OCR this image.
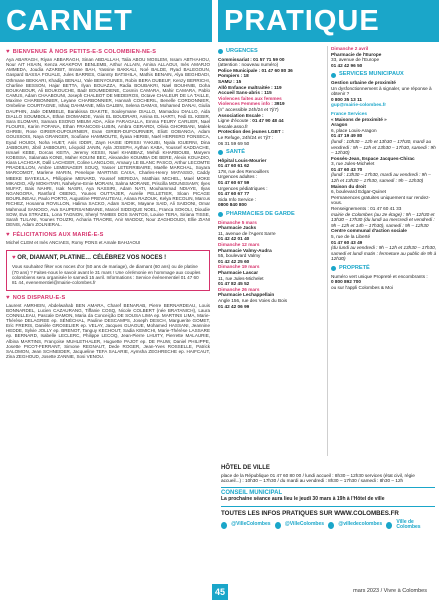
CARNET	PRATIQUE
♥ BIENVENUE À NOS PETITS-E-S COLOMBIEN-NE-S
Aya ABARAGH, Riyan ABBARAGH, Sinan ABDALLAH, Talia ABOU MOSLEM, Issam ABTHAHOU, Nour AIT HSAIN, Kenza AKAKPOVI BENLEMB, Arthur ALLAIN, Amina ALLAOUI, Inès AMARJO AMMEDA, Joudia AZARBIT, Imrane BAH, Yassine BAKKALI, Noé BALDE, Ryad BALEGOUN, Gaspard BASSA FOUALE, Jules BARRES, Giannty BATSHILA, Mathis BENAIN, Alya BEGHDADI, Othmane BEKKARI, Khadija BENALI, Yale BENYOUNES, Robin BERA DUBEUF, Kenzy BERRICHI, Charline BESSON, Hajar BETTA, Ilyan BOUAZZA, Radia BOUBAKRI, Nael BOUHNIB, Doha BOUKABOUR, Ali BOUKOUCHE, Badr BOUMEDIENE, Cosmin CAMARA, Mahir CAMARA, Pablo CAMUS, Adam CHAABOUNI, Joseph CHALBOT DE MEDEIROS, Octave CHALEUR DE LA TAILLE, Maxime CHARBONNIER, Leyane CHARBONNIER, Hannah COCHERIL, Benelle CORDONNIER, Ombeline COURTAGNE, Ishaq DAHMANE, Mila DALBIN, Selena DAMAS, Mohamed DANAI, Giulia DAUPHIN, Jade DEMBELE, Barakissa DIAKITE, Souleymane DIALLO, Mamadou DIALLO, Aida DIALLO SOUMBOLA, Ethan DIOMANDE, Yanis EL BOUDRARI, Amina EL HARTI, Fedi EL KEBIR, Sara ELOMARI, Samara ESONO MBUM ADA, Alice FARAGALLA, Emma FEURY CARLIER, Nael FLOURS, Karim FOFANA, Ethan FRANCOIS-LUBIN, Ambra GERARDI, Olivia GHORBANI, Malek GHRIBI, Rose GIRIER-DUFOURNIER, Evan GIRIER-DUFOURNIER, Eliott GOBANGA, Adam GOUSSOIS, Naya GRANGER, Soufiane HAMMOUTE, Ilyasa HERIBI, Naël HERRERO FONSECA, Eyad HOUIDI, Noha HUET, Anis IDDIR, Zayn HAISE IDRISSI YAKUBI, Nyala IGUERNI, Dina JABBOURI, Jibril JABBOURI, Léopold JANIN, Ayla JOSEPH, Aythan KABA, Youssef KADDACHE, Ismael KEBE, Dorcas KEITA, Jeremy KESSI, Nael KHABBAZ, Mehdi KHARBOUBI, Maryem KOBISSA, Salamata KONE, Maher KOUINI BEC, Alexandre KOUMBA DE BERE, Alexis KOUADIO, Kiara LACHGAR, Dalil LACHGER, Coline LANGLOIS, Amaury LE BLANC PASCO, Arthur LECOMTE PRADEILLON, Ambre LEMENAGER SOUQ, Yasser LETERRIBAIRE, Maëlle MARCHAL, Soyara MARCOMOT, Marlene MARIN, Penelope MARTINS CAIXA, Charles-Henry MATASSO, Caddy MBEKE BAYEKULA, Philippine MENARD, Youssef MERIDJA, Matthias MICHEL, Mael MOKE MIKADIO, Ally MOKHTARI, Nahelyne-Emie MORAIN, Salma MORANE, Priscilla MOUNSSAMY, Ilyes MUFAT, Bais NAHRI, Isak NASRI, Aya NASSIRI, Adam NATI, Mouhammad NDIAYE, Ilyas NGANGORA, Rantford OBENG, Younes OUTTAJER, Aurelie PELLETIER, Sloan PICAGE BOURLINEAU, Paulo PORTO, Augustine PREVAUTEAU, Ariana RAZOUK, Kelya RECOLIN, Marcus RICHEZ, Hosanna ROVILLON, Halima SACKO, Adam SADIK, Mayane SAID, Ali SAIDONI, Omar Mahmoud SANOGO, Ava SAUPERSAINBAINE, Marcel SIDDIQUE NOEL, Franca SOKOLI, Dioudie SOW, Eva STRAZEL, Lona TAGNON, Sheryl TAMBIS DOS SANTOS, Louise TERA, Siriana TISSE, Sarah TLILANI, Younes TOUZRI, Acharia TRAORE, Anir WADDIZ, Nour ZAGHDOUDI, Ellie ZIANI DENIS, Adam ZOLNIERAL.
♥ FÉLICITATIONS AUX MARIÉ-E-S
Michel CLEM et Inès ANCIAES, Romy PONS et Amale BAHJAOUI
♥ OR, DIAMANT, PLATINE… CÉLÉBREZ VOS NOCES !
Vous souhaitez fêter vos noces d'or (50 ans de mariage), de diamant (60 ans) ou de platine (70 ans) ? Faites-nous le savoir avant le 31 mars ! Une cérémonie en hommage aux couples colombiens sera organisée le samedi 15 avril. Informations : Service événementiel 01 47 60 81 44, evenementiel@mairie-colombes.fr
♥ NOS DISPARU-E-S
Laurent AMRHEIN, Abdelwahab BEN AMARA, Charef BENARAB, Pierre BERNARDEAU, Louis BONNARDEL, Lucien CAZAURANG, Tiffanie COSQ, Nicole COLBERT (née BRATANICH), Laura CONNILLEAU, Pascale DAMON, Maria da Conceição DE SOUSA LIMA ep. MARTINS LIMA, Marie-Thérèse DELAGREE ep. SÉNÉCHAL, Pauline DESCAMPS, Joseph DESCH, Marguerite GOMET, Eric FRERIS, Danièle GROSELIER ep. VELAY, Jacques GUAGUE, Mohamed HASSANI, Jeannine HEDDE, Sylvie JOLLY ep. BRENOT, Tanguy KECHOUT, Sadia KEMICHI, Marie-Thérèse LASSARE ep. BERNARD, Isabelle LECLERC, Philippe LECOQ, Jean-Pierre LHUITY, Pierrette MALAURIE, Albina MARTINS, Françoise MUHLETHALER, Huguette PAJOT ep. DE PAUW, Daniel PHILIPPE, Josette PICOT-FERRANT, Simone REGNAUT, Dede ROGER, Jean-Yves ROSSELLE, Patrick SALOMON, Jean SCHNEIDER, Jacqueline TEFA SALARIE, Aymsha ZEGHRECHE ep. HAIFCAUT, Zina ZEGHOUD, Josette ZANNIE, Sosi VENOU.
URGENCES
Commissariat : 01 57 71 59 00
(attention : nouveau numéro)
Police Municipale : 01 47 60 80 36
Pompiers : 18
SAMU : 15
Allô Enfance maltraitée : 119
Accueil Sans-abris : 115
Violences faites aux femmes
Violences Femmes info : 3919
(n° accessible 24h/24 et 7j/7)
Association Escale :
Ligne d'écoute : 01 47 90 48 44
lescale.asso.fr
Protection des jeunes LGBT :
Le Refuge, 24h/24 et 7j/7 :
06 31 59 69 50
SANTÉ
Hôpital Louis-Mourier
01 47 60 61 62
178, rue des Renouillers
Urgences adultes :
01 47 60 67 59
Urgences pédiatriques :
01 47 60 67 77
Sida Info Service :
0800 840 800
PHARMACIES DE GARDE
Dimanche 5 mars
Pharmacie Jacks
11, avenue de l'Agent Sarre
01 42 42 01 40
Dimanche 12 mars
Pharmacie Valmy-Audra
55, boulevard Valmy
01 42 42 25 60
Dimanche 19 mars
Pharmacie Lascar
11, rue Jules-Michelet
01 47 82 45 52
Dimanche 26 mars
Pharmacie Lechappellain
Angle 156, rue des Voies du Bois
01 42 42 06 99
Dimanche 2 avril
Pharmacie de l'Europe
33, avenue de l'Europe
01 42 42 96 50
SERVICES MUNICIPAUX
Gestion urbaine de proximité
Un dysfonctionnement à signaler, une réponse à obtenir ?
0 800 35 13 11
gup@mairie-colombes.fr
France Services
« Maisons de proximité »
Aragon
6, place Louis-Aragon
01 47 19 49 80
(lundi : 10h30 – 12h et 13h30 – 17h30, mardi au vendredi : 9h – 12h et 13h30 – 17h30, samedi : 9h – 12h30)
Fossés-Jean, Espace Jacques-Chirac
3, rue Jules-Michelet
01 47 60 43 70
(lundi : 13h30 – 17h30, mardi au vendredi : 9h – 12h et 13h30 – 17h30, samedi : 9h – 12h30)
Maison du droit
6, boulevard Edgar-Quinet
Permanences gratuites uniquement sur rendez-vous.
Renseignements : 01 47 60 41 33
mairie de Colombes (au 2e étage) : 9h – 12h30 et 13h30 – 17h30 (du lundi au mercredi et vendredi : 9h – 12h et 14h – 17h30), samedi : 9h – 12h30
Centre communal d'action sociale
5, rue de la Liberté
01 47 60 43 49
(du lundi au vendredi : 9h – 12h et 13h30 – 17h30, samedi et lundi matin : fermeture au public de 9h à 12h30)
PROPRETÉ
Numéro vert unique Propreté et encombrants :
0 800 892 700
ou sur l'appli Colombes & Moi
HÔTEL DE VILLE
place de la République 01 47 60 80 00 / lundi accueil : 8h30 – 12h30 services (état civil, régie accueil...) : 10h30 – 17h30 / du mardi au vendredi : 8h30 – 17h30 / samedi : 8h30 – 12h
CONSEIL MUNICIPAL
La prochaine séance aura lieu le jeudi 30 mars à 19h à l'Hôtel de ville
TOUTES LES INFOS PRATIQUES SUR WWW.COLOMBES.FR
@VilleColombes	@VilleColombes	@villedecolombes	Ville de Colombes
45	mars 2023 / Vivre à Colombes
